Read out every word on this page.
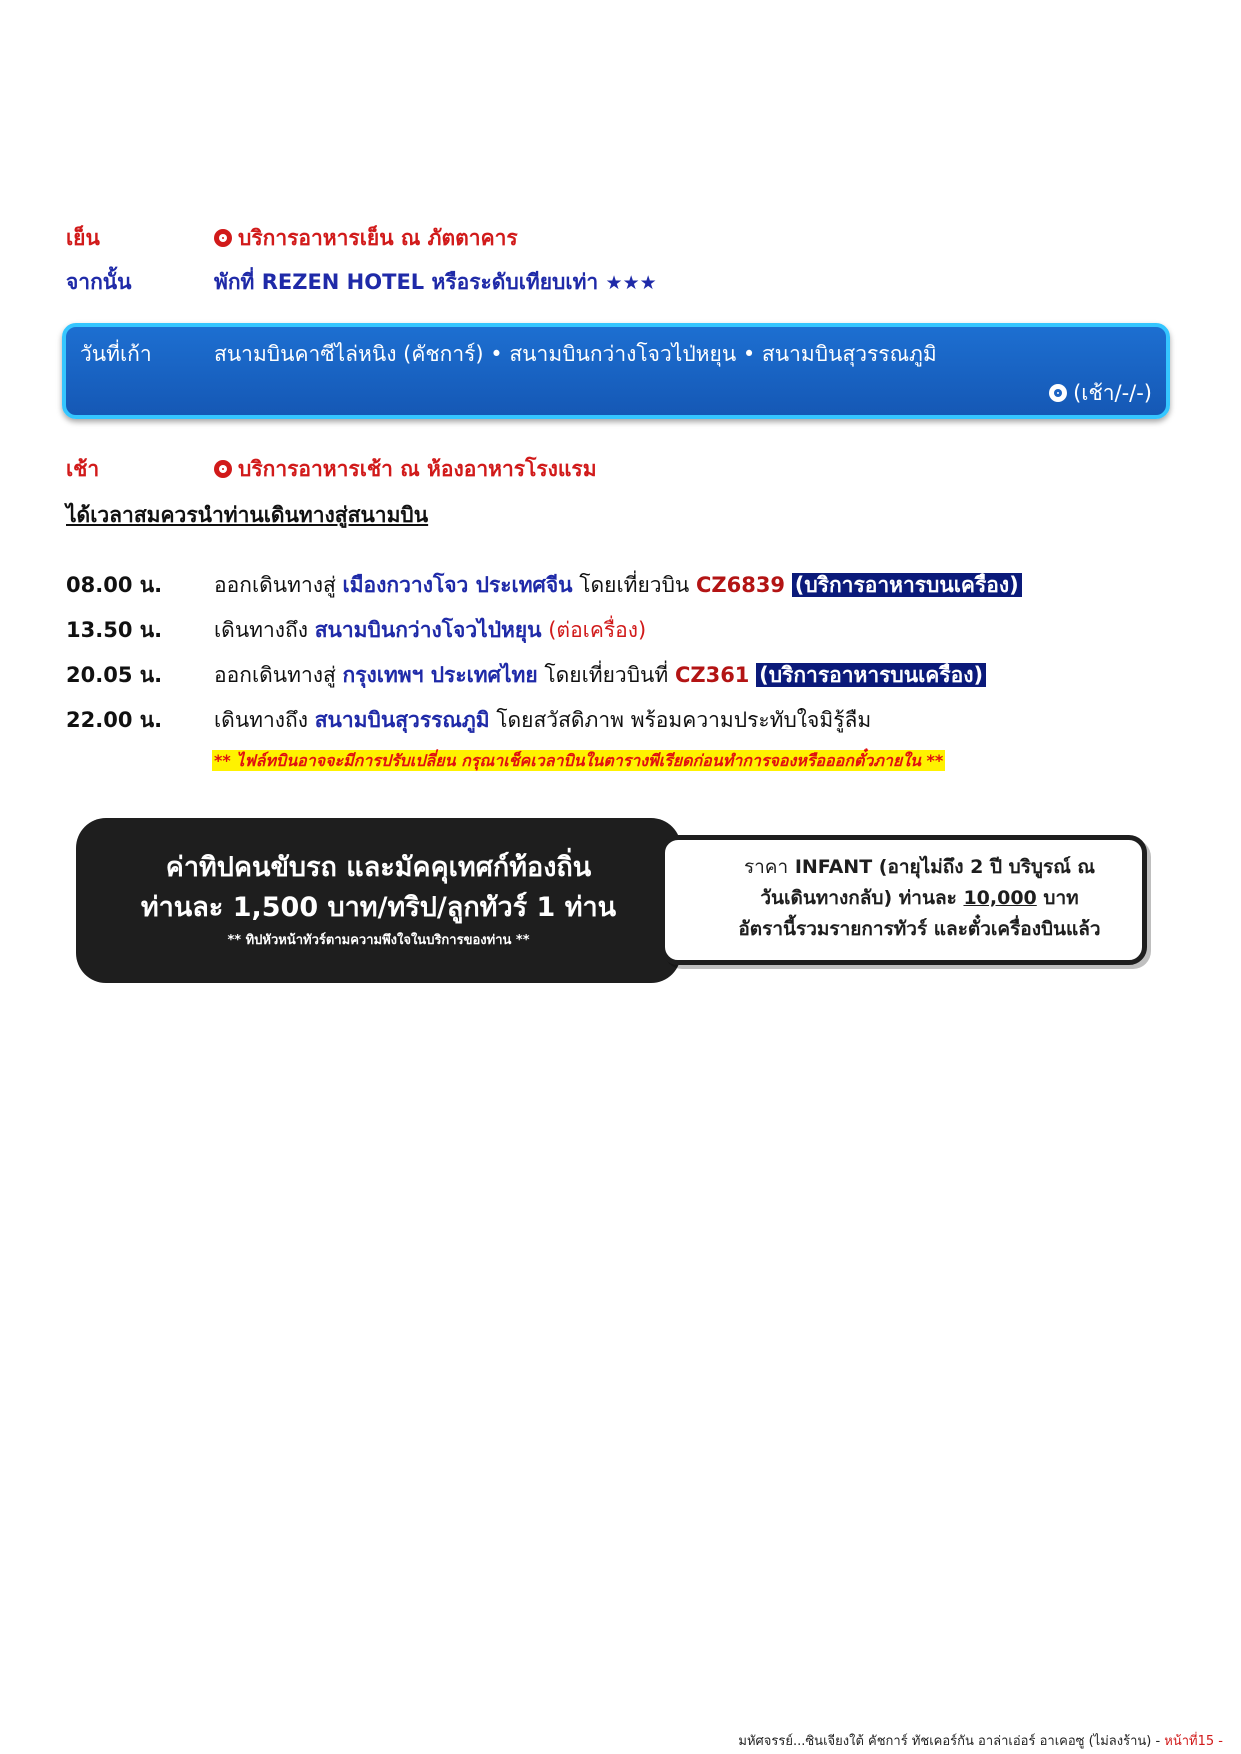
เย็น	บริการอาหารเย็น ณ ภัตตาคาร
จากนั้น	พักที่ REZEN HOTEL หรือระดับเทียบเท่า ★★★
วันที่เก้า	สนามบินคาซีไล่หนิง (คัชการ์) • สนามบินกว่างโจวไป่หยุน • สนามบินสุวรรณภูมิ
(เช้า/-/-)
เช้า	บริการอาหารเช้า ณ ห้องอาหารโรงแรม
ได้เวลาสมควรนำท่านเดินทางสู่สนามบิน
08.00 น. ออกเดินทางสู่ เมืองกวางโจว ประเทศจีน โดยเที่ยวบิน CZ6839 (บริการอาหารบนเครื่อง)
13.50 น. เดินทางถึง สนามบินกว่างโจวไป่หยุน (ต่อเครื่อง)
20.05 น. ออกเดินทางสู่ กรุงเทพฯ ประเทศไทย โดยเที่ยวบินที่ CZ361 (บริการอาหารบนเครื่อง)
22.00 น. เดินทางถึง สนามบินสุวรรณภูมิ โดยสวัสดิภาพ พร้อมความประทับใจมิรู้ลืม
** ไฟล์ทบินอาจจะมีการปรับเปลี่ยน กรุณาเช็คเวลาบินในตารางพีเรียดก่อนทำการจองหรือออกตั๋วภายใน **
ค่าทิปคนขับรถ และมัคคุเทศก์ท้องถิ่น
ท่านละ 1,500 บาท/ทริป/ลูกทัวร์ 1 ท่าน
** ทิปหัวหน้าทัวร์ตามความพึงใจในบริการของท่าน **
ราคา INFANT (อายุไม่ถึง 2 ปี บริบูรณ์ ณ
วันเดินทางกลับ) ท่านละ 10,000 บาท
อัตรานี้รวมรายการทัวร์ และตั๋วเครื่องบินแล้ว
มหัศจรรย์...ซินเจียงใต้ คัชการ์ ทัชเคอร์กัน อาล่าเอ่อร์ อาเคอซู (ไม่ลงร้าน) - หน้าที่15 -
